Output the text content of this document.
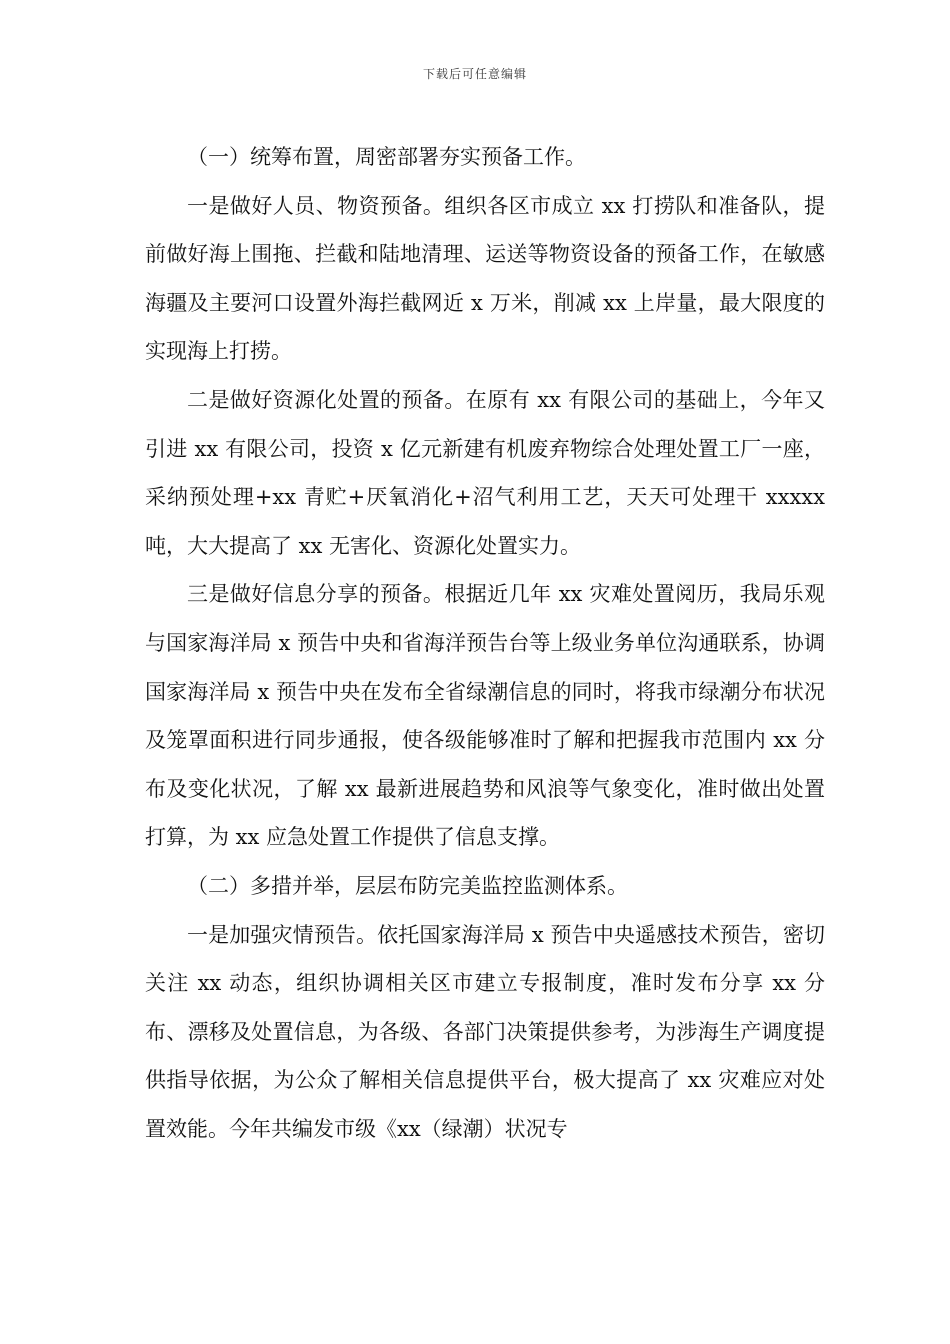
下载后可任意编辑

（一）统筹布置，周密部署夯实预备工作。

一是做好人员、物资预备。组织各区市成立 xx 打捞队和准备队，提前做好海上围拖、拦截和陆地清理、运送等物资设备的预备工作，在敏感海疆及主要河口设置外海拦截网近 x 万米，削减 xx 上岸量，最大限度的实现海上打捞。

二是做好资源化处置的预备。在原有 xx 有限公司的基础上，今年又引进 xx 有限公司，投资 x 亿元新建有机废弃物综合处理处置工厂一座，采纳预处理+xx 青贮+厌氧消化+沼气利用工艺，天天可处理干 xxxxx 吨，大大提高了 xx 无害化、资源化处置实力。

三是做好信息分享的预备。根据近几年 xx 灾难处置阅历，我局乐观与国家海洋局 x 预告中央和省海洋预告台等上级业务单位沟通联系，协调国家海洋局 x 预告中央在发布全省绿潮信息的同时，将我市绿潮分布状况及笼罩面积进行同步通报，使各级能够准时了解和把握我市范围内 xx 分布及变化状况，了解 xx 最新进展趋势和风浪等气象变化，准时做出处置打算，为 xx 应急处置工作提供了信息支撑。

（二）多措并举，层层布防完美监控监测体系。

一是加强灾情预告。依托国家海洋局 x 预告中央遥感技术预告，密切关注 xx 动态，组织协调相关区市建立专报制度，准时发布分享 xx 分布、漂移及处置信息，为各级、各部门决策提供参考，为涉海生产调度提供指导依据，为公众了解相关信息提供平台，极大提高了 xx 灾难应对处置效能。今年共编发市级《xx（绿潮）状况专
